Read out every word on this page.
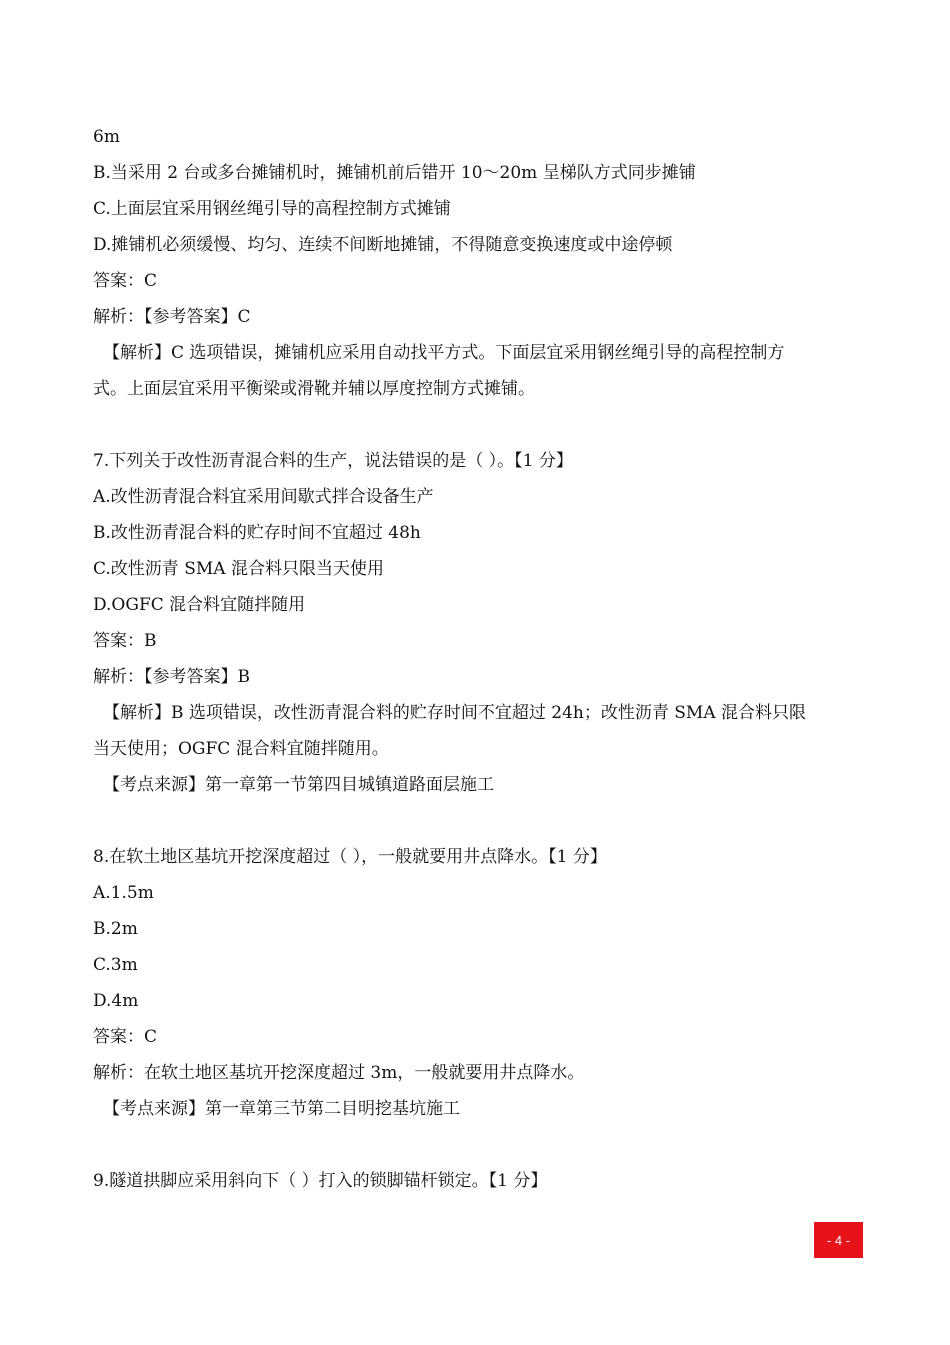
6m
B.当采用 2 台或多台摊铺机时，摊铺机前后错开 10～20m 呈梯队方式同步摊铺
C.上面层宜采用钢丝绳引导的高程控制方式摊铺
D.摊铺机必须缓慢、均匀、连续不间断地摊铺，不得随意变换速度或中途停顿
答案：C
解析：【参考答案】C
【解析】C 选项错误，摊铺机应采用自动找平方式。下面层宜采用钢丝绳引导的高程控制方
式。上面层宜采用平衡梁或滑靴并辅以厚度控制方式摊铺。
7.下列关于改性沥青混合料的生产，说法错误的是（ ）。【1 分】
A.改性沥青混合料宜采用间歇式拌合设备生产
B.改性沥青混合料的贮存时间不宜超过 48h
C.改性沥青 SMA 混合料只限当天使用
D.OGFC 混合料宜随拌随用
答案：B
解析：【参考答案】B
【解析】B 选项错误，改性沥青混合料的贮存时间不宜超过 24h；改性沥青 SMA 混合料只限
当天使用；OGFC 混合料宜随拌随用。
【考点来源】第一章第一节第四目城镇道路面层施工
8.在软土地区基坑开挖深度超过（ ），一般就要用井点降水。【1 分】
A.1.5m
B.2m
C.3m
D.4m
答案：C
解析：在软土地区基坑开挖深度超过 3m，一般就要用井点降水。
【考点来源】第一章第三节第二目明挖基坑施工
9.隧道拱脚应采用斜向下（ ）打入的锁脚锚杆锁定。【1 分】
- 4 -
